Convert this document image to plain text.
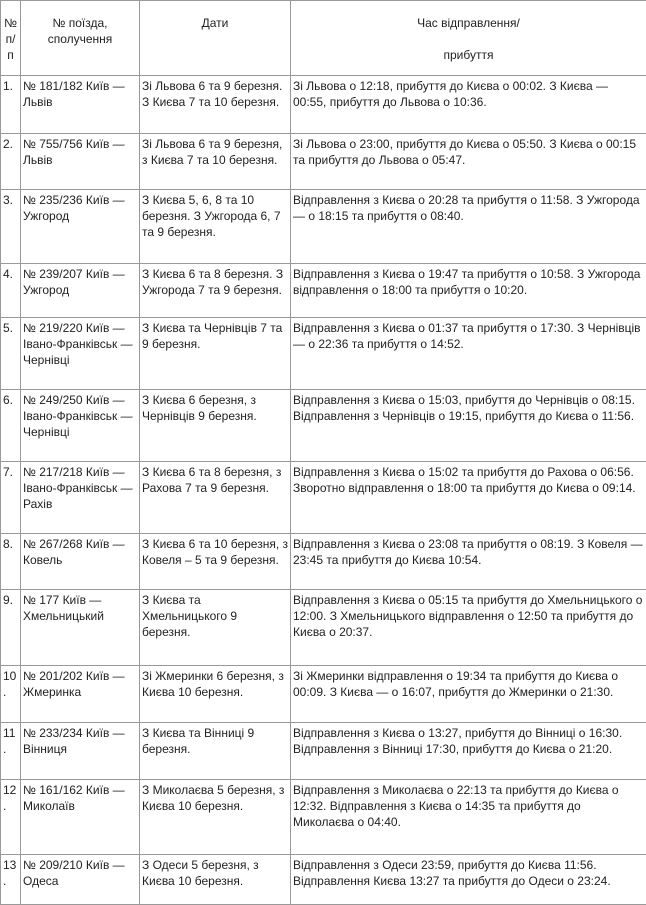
№ п/п	№ поїзда, сполучення	Дати	Час відправлення/
прибуття

1.	№ 181/182 Київ — Львів	Зі Львова 6 та 9 березня. З Києва 7 та 10 березня.	Зі Львова о 12:18, прибуття до Києва о 00:02. З Києва — 00:55, прибуття до Львова о 10:36.
2.	№ 755/756 Київ — Львів	Зі Львова 6 та 9 березня, з Києва 7 та 10 березня.	Зі Львова о 23:00, прибуття до Києва о 05:50. З Києва о 00:15 та прибуття до Львова о 05:47.
3.	№ 235/236 Київ — Ужгород	З Києва 5, 6, 8 та 10 березня. З Ужгорода 6, 7 та 9 березня.	Відправлення з Києва о 20:28 та прибуття о 11:58. З Ужгорода — о 18:15 та прибуття о 08:40.
4.	№ 239/207 Київ — Ужгород	З Києва 6 та 8 березня. З Ужгорода 7 та 9 березня.	Відправлення з Києва о 19:47 та прибуття о 10:58. З Ужгорода відправлення о 18:00 та прибуття о 10:20.
5.	№ 219/220 Київ — Івано-Франківськ — Чернівці	З Києва та Чернівців 7 та 9 березня.	Відправлення з Києва о 01:37 та прибуття о 17:30. З Чернівців — о 22:36 та прибуття о 14:52.
6.	№ 249/250 Київ — Івано-Франківськ — Чернівці	З Києва 6 березня, з Чернівців 9 березня.	Відправлення з Києва о 15:03, прибуття до Чернівців о 08:15. Відправлення з Чернівців о 19:15, прибуття до Києва о 11:56.
7.	№ 217/218 Київ — Івано-Франківськ — Рахів	З Києва 6 та 8 березня, з Рахова 7 та 9 березня.	Відправлення з Києва о 15:02 та прибуття до Рахова о 06:56. Зворотно відправлення о 18:00 та прибуття до Києва о 09:14.
8.	№ 267/268 Київ — Ковель	З Києва 6 та 10 березня, з Ковеля – 5 та 9 березня.	Відправлення з Києва о 23:08 та прибуття о 08:19. З Ковеля — 23:45 та прибуття до Києва 10:54.
9.	№ 177 Київ — Хмельницький	З Києва та Хмельницького 9 березня.	Відправлення з Києва о 05:15 та прибуття до Хмельницького о 12:00. З Хмельницького відправлення о 12:50 та прибуття до Києва о 20:37.
10.	№ 201/202 Київ — Жмеринка	Зі Жмеринки 6 березня, з Києва 10 березня.	Зі Жмеринки відправлення о 19:34 та прибуття до Києва о 00:09. З Києва — о 16:07, прибуття до Жмеринки о 21:30.
11.	№ 233/234 Київ — Вінниця	З Києва та Вінниці 9 березня.	Відправлення з Києва о 13:27, прибуття до Вінниці о 16:30. Відправлення з Вінниці 17:30, прибуття до Києва о 21:20.
12.	№ 161/162 Київ — Миколаїв	З Миколаєва 5 березня, з Києва 10 березня.	Відправлення з Миколаєва о 22:13 та прибуття до Києва о 12:32. Відправлення з Києва о 14:35 та прибуття до Миколаєва о 04:40.
13.	№ 209/210 Київ — Одеса	З Одеси 5 березня, з Києва 10 березня.	Відправлення з Одеси 23:59, прибуття до Києва 11:56. Відправлення Києва 13:27 та прибуття до Одеси о 23:24.
